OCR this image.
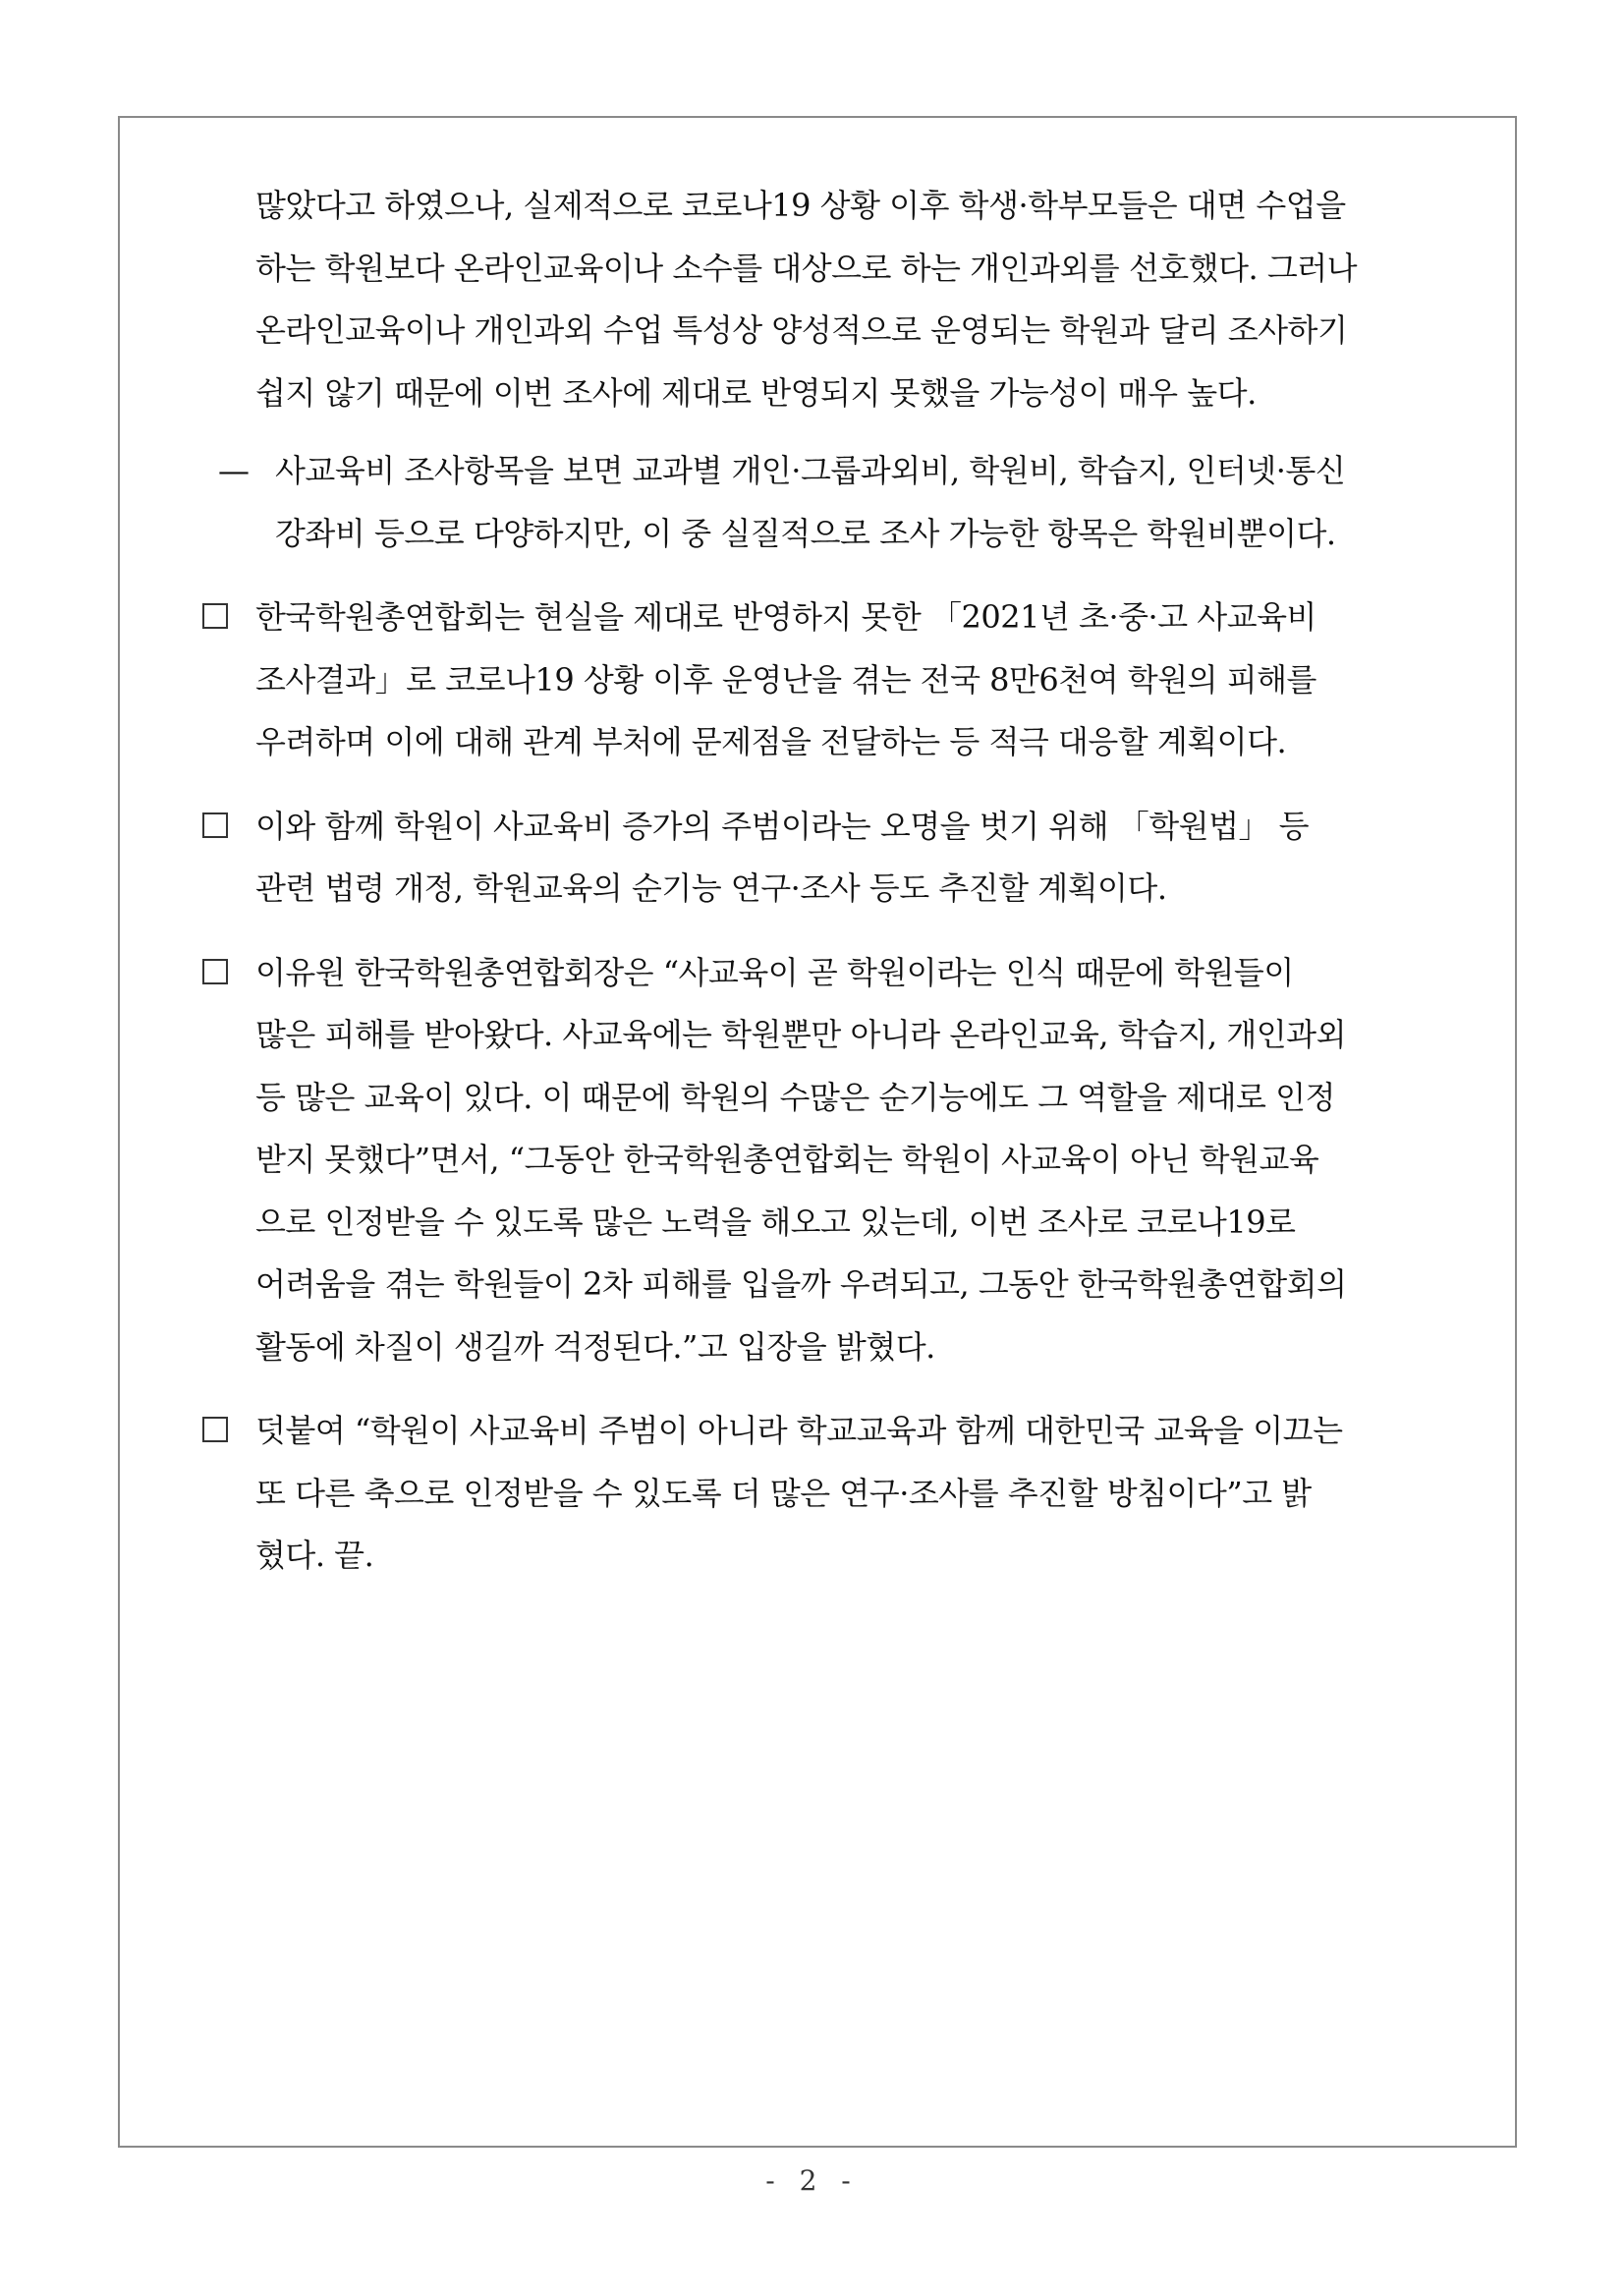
많았다고 하였으나, 실제적으로 코로나19 상황 이후 학생·학부모들은 대면 수업을
하는 학원보다 온라인교육이나 소수를 대상으로 하는 개인과외를 선호했다. 그러나
온라인교육이나 개인과외 수업 특성상 양성적으로 운영되는 학원과 달리 조사하기
쉽지 않기 때문에 이번 조사에 제대로 반영되지 못했을 가능성이 매우 높다.
— 사교육비 조사항목을 보면 교과별 개인·그룹과외비, 학원비, 학습지, 인터넷·통신
강좌비 등으로 다양하지만, 이 중 실질적으로 조사 가능한 항목은 학원비뿐이다.
한국학원총연합회는 현실을 제대로 반영하지 못한 「2021년 초·중·고 사교육비
조사결과」로 코로나19 상황 이후 운영난을 겪는 전국 8만6천여 학원의 피해를
우려하며 이에 대해 관계 부처에 문제점을 전달하는 등 적극 대응할 계획이다.
이와 함께 학원이 사교육비 증가의 주범이라는 오명을 벗기 위해 「학원법」 등
관련 법령 개정, 학원교육의 순기능 연구·조사 등도 추진할 계획이다.
이유원 한국학원총연합회장은 “사교육이 곧 학원이라는 인식 때문에 학원들이
많은 피해를 받아왔다. 사교육에는 학원뿐만 아니라 온라인교육, 학습지, 개인과외
등 많은 교육이 있다. 이 때문에 학원의 수많은 순기능에도 그 역할을 제대로 인정
받지 못했다”면서, “그동안 한국학원총연합회는 학원이 사교육이 아닌 학원교육
으로 인정받을 수 있도록 많은 노력을 해오고 있는데, 이번 조사로 코로나19로
어려움을 겪는 학원들이 2차 피해를 입을까 우려되고, 그동안 한국학원총연합회의
활동에 차질이 생길까 걱정된다.”고 입장을 밝혔다.
덧붙여 “학원이 사교육비 주범이 아니라 학교교육과 함께 대한민국 교육을 이끄는
또 다른 축으로 인정받을 수 있도록 더 많은 연구·조사를 추진할 방침이다”고 밝
혔다. 끝.
- 2 -
